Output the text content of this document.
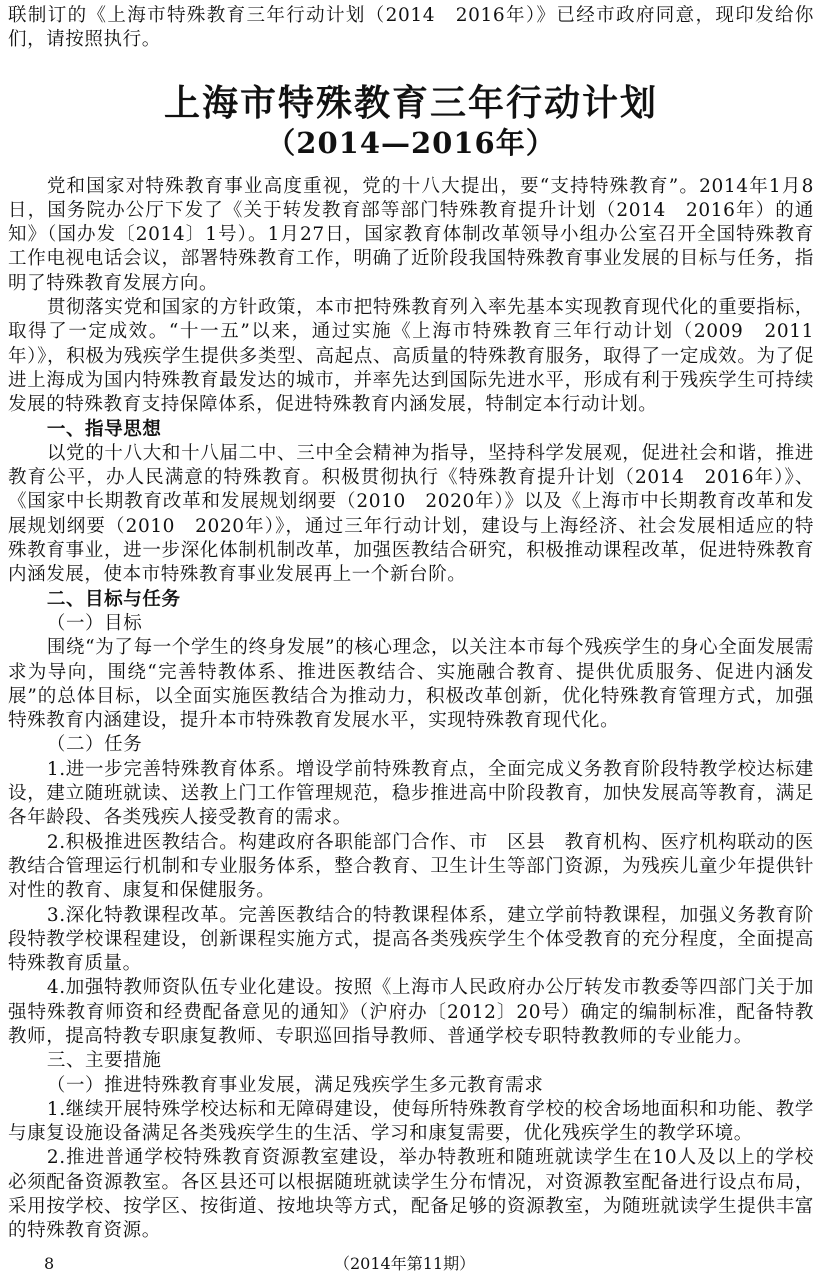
联制订的《上海市特殊教育三年行动计划（2014　2016年）》已经市政府同意，现印发给你们，请按照执行。

上海市特殊教育三年行动计划
（2014—2016年）

党和国家对特殊教育事业高度重视，党的十八大提出，要“支持特殊教育”。2014年1月8日，国务院办公厅下发了《关于转发教育部等部门特殊教育提升计划（2014　2016年）的通知》（国办发〔2014〕1号）。1月27日，国家教育体制改革领导小组办公室召开全国特殊教育工作电视电话会议，部署特殊教育工作，明确了近阶段我国特殊教育事业发展的目标与任务，指明了特殊教育发展方向。

贯彻落实党和国家的方针政策，本市把特殊教育列入率先基本实现教育现代化的重要指标，取得了一定成效。“十一五”以来，通过实施《上海市特殊教育三年行动计划（2009　2011年）》，积极为残疾学生提供多类型、高起点、高质量的特殊教育服务，取得了一定成效。为了促进上海成为国内特殊教育最发达的城市，并率先达到国际先进水平，形成有利于残疾学生可持续发展的特殊教育支持保障体系，促进特殊教育内涵发展，特制定本行动计划。

一、指导思想

以党的十八大和十八届二中、三中全会精神为指导，坚持科学发展观，促进社会和谐，推进教育公平，办人民满意的特殊教育。积极贯彻执行《特殊教育提升计划（2014　2016年）》、《国家中长期教育改革和发展规划纲要（2010　2020年）》以及《上海市中长期教育改革和发展规划纲要（2010　2020年）》，通过三年行动计划，建设与上海经济、社会发展相适应的特殊教育事业，进一步深化体制机制改革，加强医教结合研究，积极推动课程改革，促进特殊教育内涵发展，使本市特殊教育事业发展再上一个新台阶。

二、目标与任务

（一）目标

围绕“为了每一个学生的终身发展”的核心理念，以关注本市每个残疾学生的身心全面发展需求为导向，围绕“完善特教体系、推进医教结合、实施融合教育、提供优质服务、促进内涵发展”的总体目标，以全面实施医教结合为推动力，积极改革创新，优化特殊教育管理方式，加强特殊教育内涵建设，提升本市特殊教育发展水平，实现特殊教育现代化。

（二）任务

1.进一步完善特殊教育体系。增设学前特殊教育点，全面完成义务教育阶段特教学校达标建设，建立随班就读、送教上门工作管理规范，稳步推进高中阶段教育，加快发展高等教育，满足各年龄段、各类残疾人接受教育的需求。

2.积极推进医教结合。构建政府各职能部门合作、市　区县　教育机构、医疗机构联动的医教结合管理运行机制和专业服务体系，整合教育、卫生计生等部门资源，为残疾儿童少年提供针对性的教育、康复和保健服务。

3.深化特教课程改革。完善医教结合的特教课程体系，建立学前特教课程，加强义务教育阶段特教学校课程建设，创新课程实施方式，提高各类残疾学生个体受教育的充分程度，全面提高特殊教育质量。

4.加强特教师资队伍专业化建设。按照《上海市人民政府办公厅转发市教委等四部门关于加强特殊教育师资和经费配备意见的通知》（沪府办〔2012〕20号）确定的编制标准，配备特教教师，提高特教专职康复教师、专职巡回指导教师、普通学校专职特教教师的专业能力。

三、主要措施

（一）推进特殊教育事业发展，满足残疾学生多元教育需求

1.继续开展特殊学校达标和无障碍建设，使每所特殊教育学校的校舍场地面积和功能、教学与康复设施设备满足各类残疾学生的生活、学习和康复需要，优化残疾学生的教学环境。

2.推进普通学校特殊教育资源教室建设，举办特教班和随班就读学生在10人及以上的学校必须配备资源教室。各区县还可以根据随班就读学生分布情况，对资源教室配备进行设点布局，采用按学校、按学区、按街道、按地块等方式，配备足够的资源教室，为随班就读学生提供丰富的特殊教育资源。

8	（2014年第11期）
